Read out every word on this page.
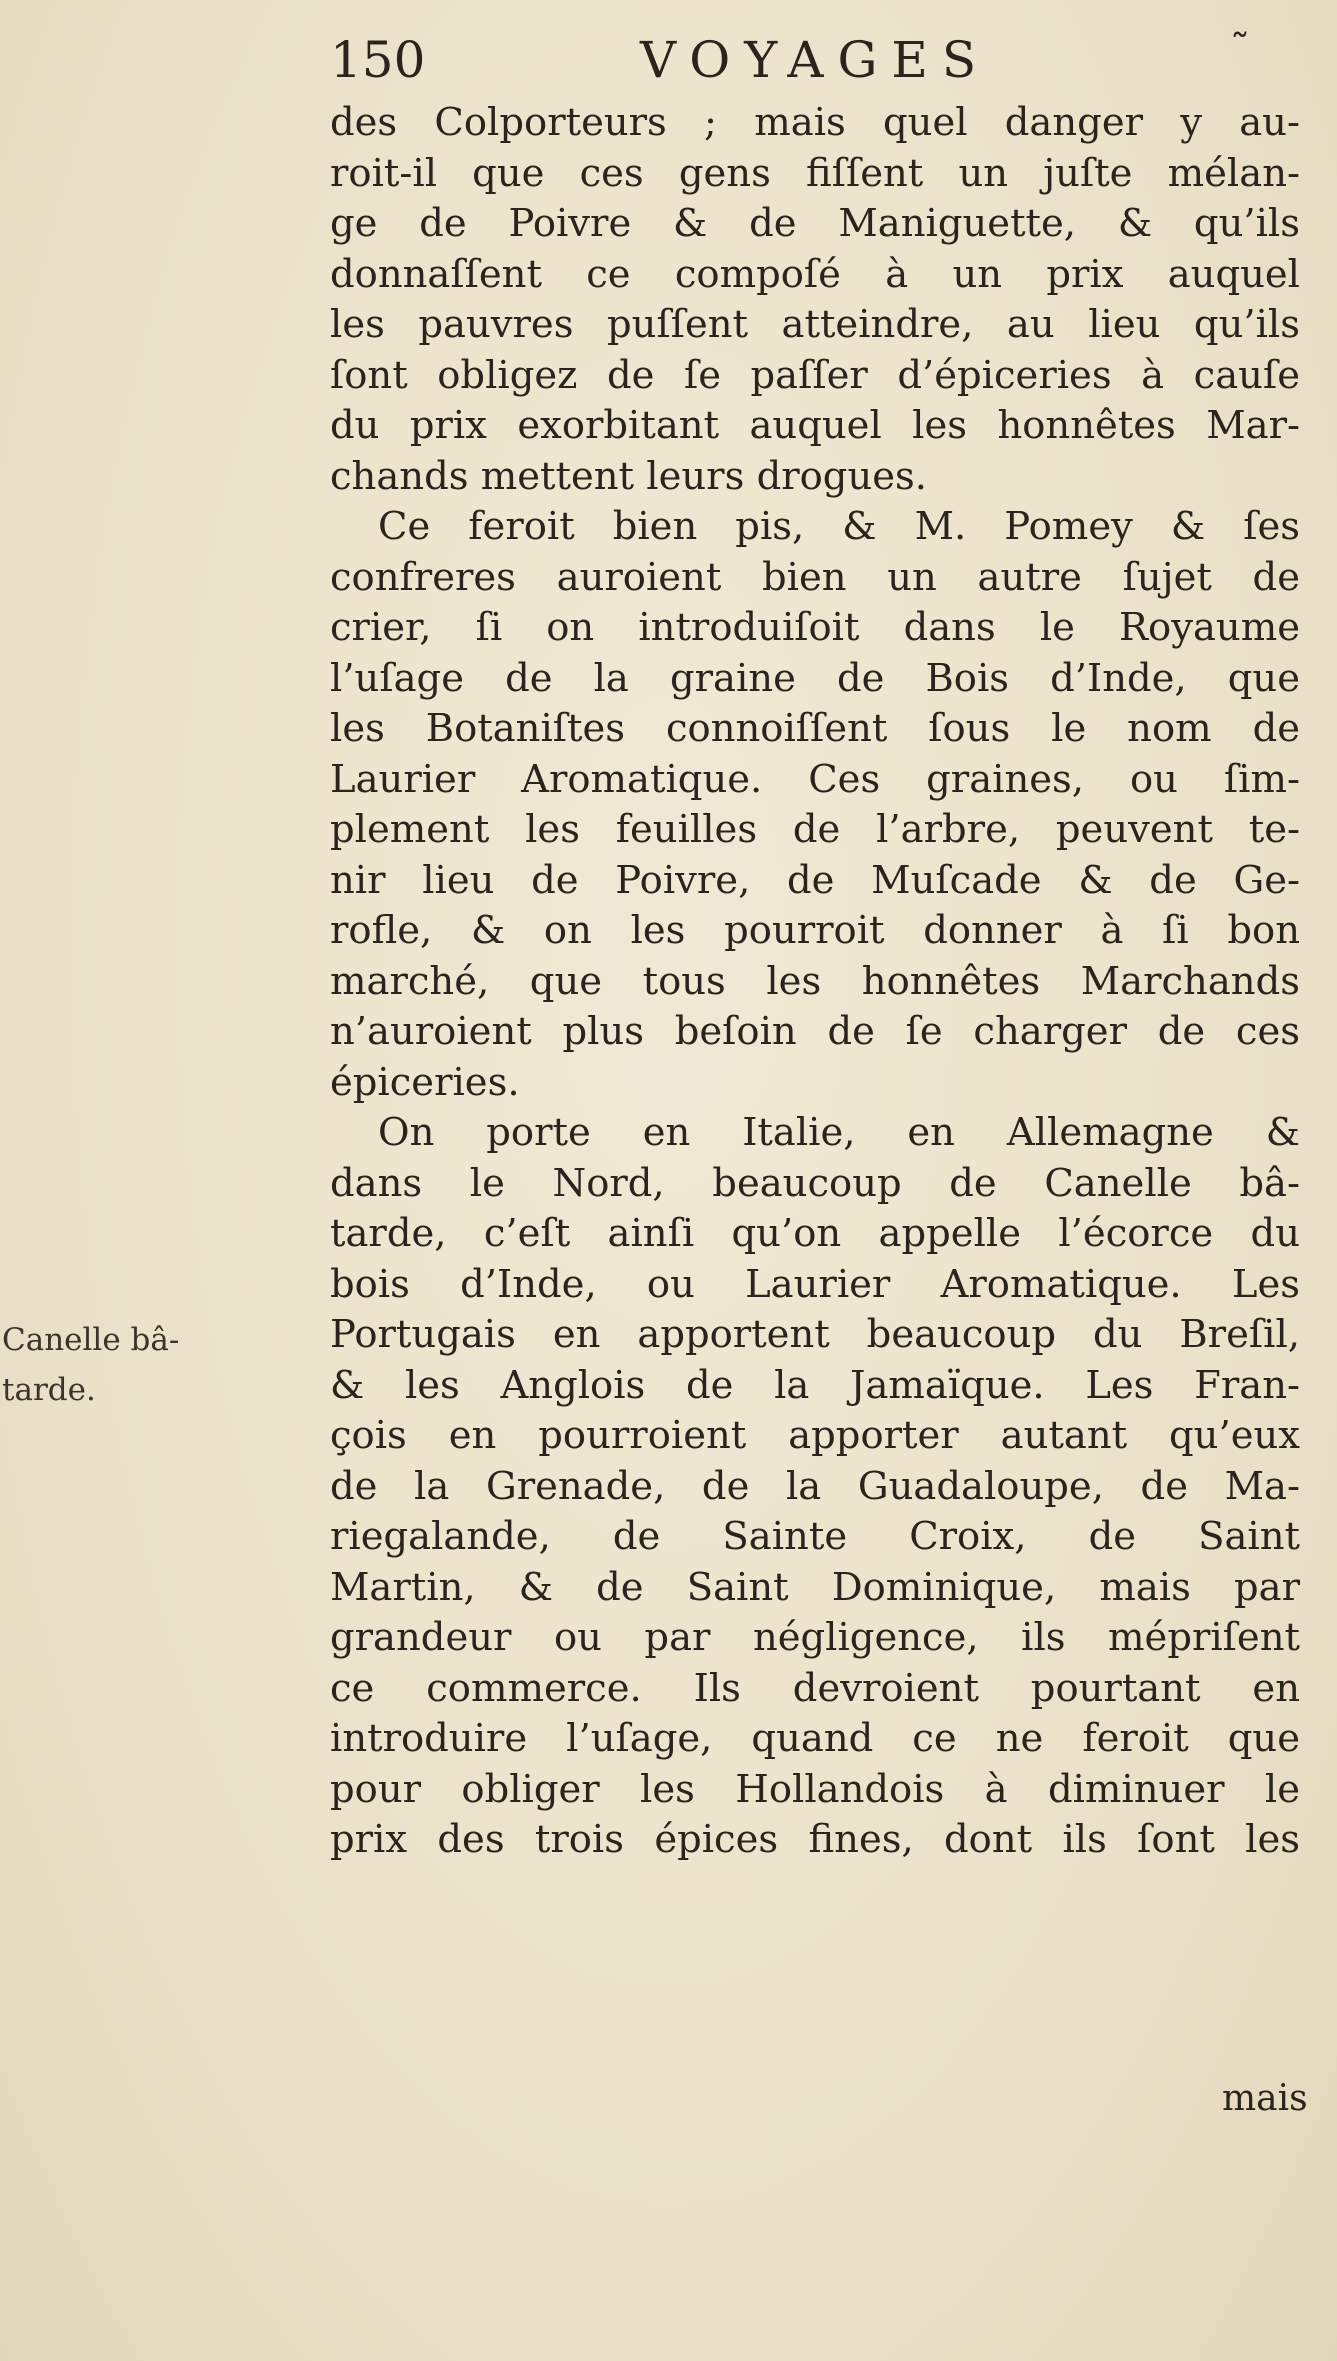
150	VOYAGES	˜
Canelle bâ-
tarde.
des Colporteurs ; mais quel danger y au-
roit-il que ces gens fiſſent un juſte mélan-
ge de Poivre & de Maniguette, & qu’ils
donnaſſent ce compoſé à un prix auquel
les pauvres puſſent atteindre, au lieu qu’ils
ſont obligez de ſe paſſer d’épiceries à cauſe
du prix exorbitant auquel les honnêtes Mar-
chands mettent leurs drogues.
Ce feroit bien pis, & M. Pomey & ſes
confreres auroient bien un autre ſujet de
crier, ſi on introduiſoit dans le Royaume
l’uſage de la graine de Bois d’Inde, que
les Botaniſtes connoiſſent ſous le nom de
Laurier Aromatique. Ces graines, ou ſim-
plement les feuilles de l’arbre, peuvent te-
nir lieu de Poivre, de Muſcade & de Ge-
rofle, & on les pourroit donner à ſi bon
marché, que tous les honnêtes Marchands
n’auroient plus beſoin de ſe charger de ces
épiceries.
On porte en Italie, en Allemagne &
dans le Nord, beaucoup de Canelle bâ-
tarde, c’eſt ainſi qu’on appelle l’écorce du
bois d’Inde, ou Laurier Aromatique. Les
Portugais en apportent beaucoup du Breſil,
& les Anglois de la Jamaïque. Les Fran-
çois en pourroient apporter autant qu’eux
de la Grenade, de la Guadaloupe, de Ma-
riegalande, de Sainte Croix, de Saint
Martin, & de Saint Dominique, mais par
grandeur ou par négligence, ils mépriſent
ce commerce. Ils devroient pourtant en
introduire l’uſage, quand ce ne feroit que
pour obliger les Hollandois à diminuer le
prix des trois épices fines, dont ils ſont les
mais
